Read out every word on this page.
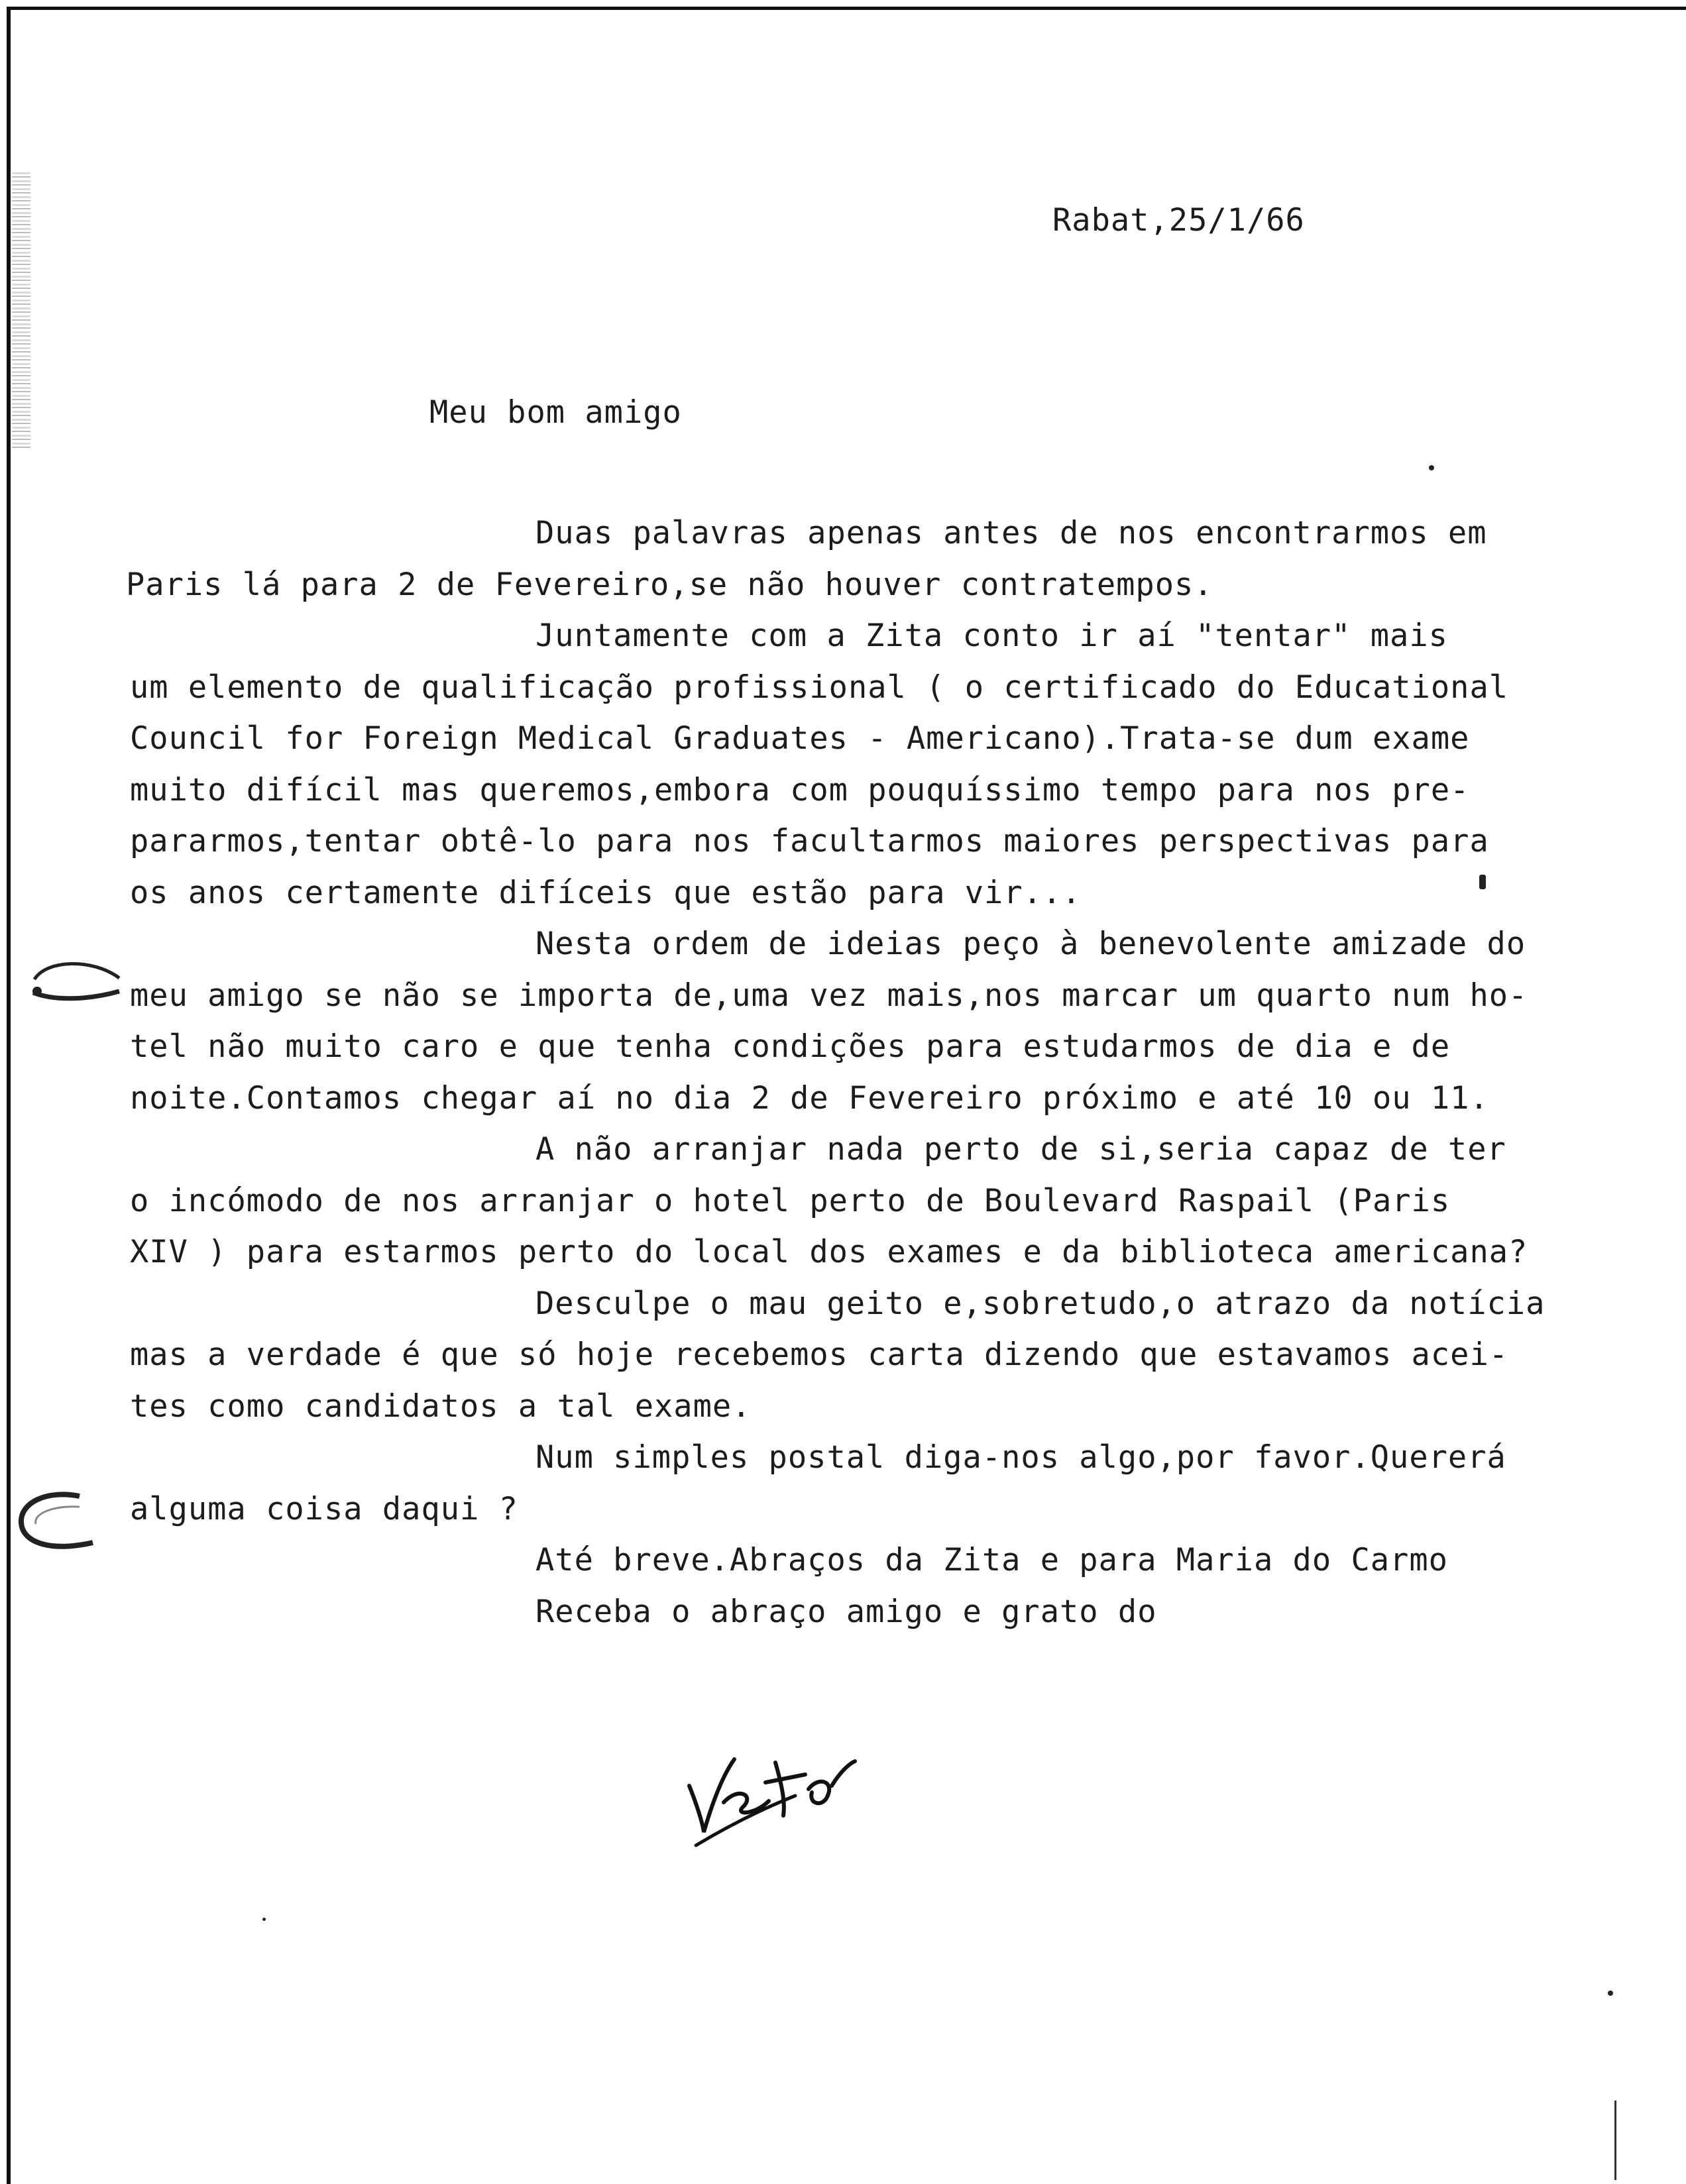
Rabat,25/1/66
Meu bom amigo
Duas palavras apenas antes de nos encontrarmos em
Paris lá para 2 de Fevereiro,se não houver contratempos.
Juntamente com a Zita conto ir aí "tentar" mais
um elemento de qualificação profissional ( o certificado do Educational
Council for Foreign Medical Graduates - Americano).Trata-se dum exame
muito difícil mas queremos,embora com pouquíssimo tempo para nos pre-
pararmos,tentar obtê-lo para nos facultarmos maiores perspectivas para
os anos certamente difíceis que estão para vir...
Nesta ordem de ideias peço à benevolente amizade do
meu amigo se não se importa de,uma vez mais,nos marcar um quarto num ho-
tel não muito caro e que tenha condições para estudarmos de dia e de
noite.Contamos chegar aí no dia 2 de Fevereiro próximo e até 10 ou 11.
A não arranjar nada perto de si,seria capaz de ter
o incómodo de nos arranjar o hotel perto de Boulevard Raspail (Paris
XIV ) para estarmos perto do local dos exames e da biblioteca americana?
Desculpe o mau geito e,sobretudo,o atrazo da notícia
mas a verdade é que só hoje recebemos carta dizendo que estavamos acei-
tes como candidatos a tal exame.
Num simples postal diga-nos algo,por favor.Quererá
alguma coisa daqui ?
Até breve.Abraços da Zita e para Maria do Carmo
Receba o abraço amigo e grato do
